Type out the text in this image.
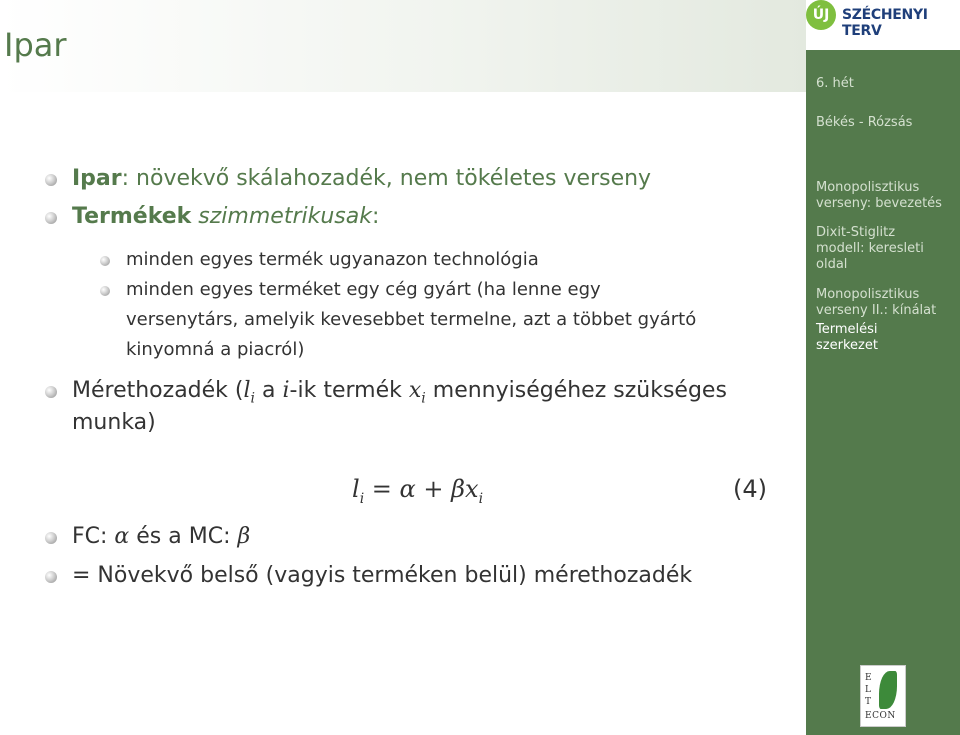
Ipar
ÚJ SZÉCHENYI TERV
6. hét
Békés - Rózsás
Monopolisztikus
verseny: bevezetés
Dixit-Stiglitz
modell: keresleti
oldal
Monopolisztikus
verseny II.: kínálat
Termelési
szerkezet
E
L
T
ECON
Ipar: növekvő skálahozadék, nem tökéletes verseny
Termékek szimmetrikusak:
minden egyes termék ugyanazon technológia
minden egyes terméket egy cég gyárt (ha lenne egy
versenytárs, amelyik kevesebbet termelne, azt a többet gyártó
kinyomná a piacról)
Mérethozadék ($l_i$ a i-ik termék $x_i$ mennyiségéhez szükséges
munka)
$l_i = \alpha + \beta x_i$	(4)
FC: α és a MC: β
= Növekvő belső (vagyis terméken belül) mérethozadék
